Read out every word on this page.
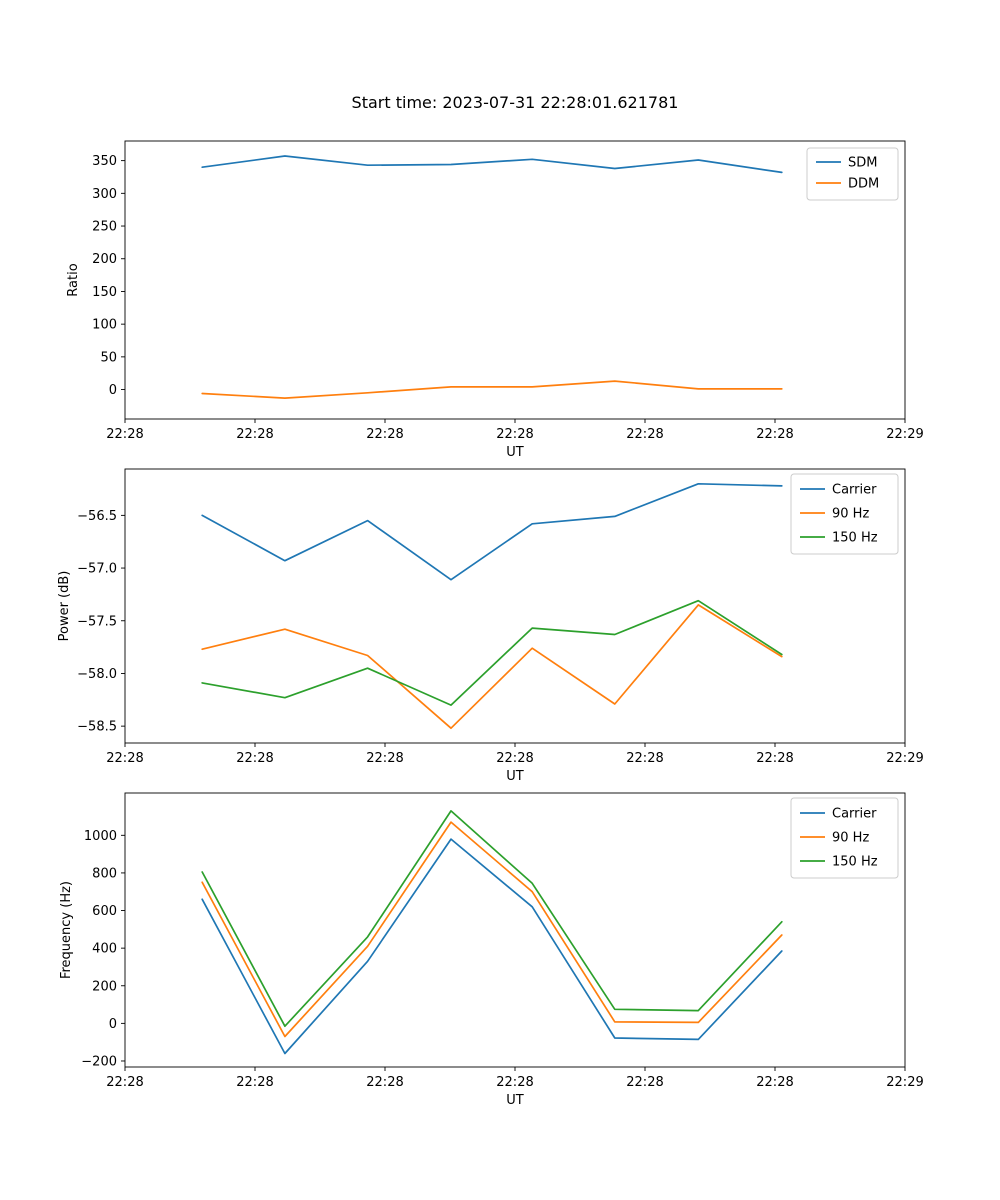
Start time: 2023-07-31 22:28:01.621781
0
50
100
150
200
250
300
350
22:28	22:28	22:28	22:28	22:28	22:28	22:29
UT
Ratio
SDM
DDM
−58.5
−58.0
−57.5
−57.0
−56.5
22:28	22:28	22:28	22:28	22:28	22:28	22:29
UT
Power (dB)
Carrier
90 Hz
150 Hz
−200
0
200
400
600
800
1000
22:28	22:28	22:28	22:28	22:28	22:28	22:29
UT
Frequency (Hz)
Carrier
90 Hz
150 Hz
